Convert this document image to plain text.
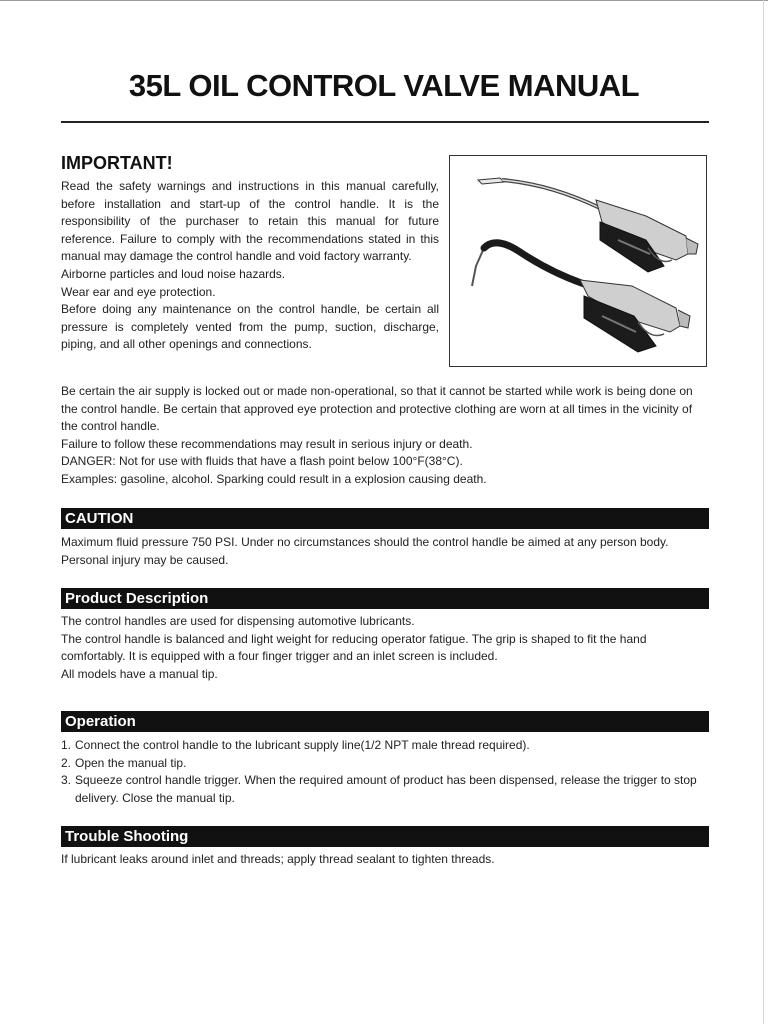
35L OIL CONTROL VALVE MANUAL
IMPORTANT!

Read the safety warnings and instructions in this manual carefully, before installation and start-up of the control handle. It is the responsibility of the purchaser to retain this manual for future reference. Failure to comply with the recommendations stated in this manual may damage the control handle and void factory warranty.

Airborne particles and loud noise hazards.

Wear ear and eye protection.

Before doing any maintenance on the control handle, be certain all pressure is completely vented from the pump, suction, discharge, piping, and all other openings and connections.

Be certain the air supply is locked out or made non-operational, so that it cannot be started while work is being done on the control handle. Be certain that approved eye protection and protective clothing are worn at all times in the vicinity of the control handle.

Failure to follow these recommendations may result in serious injury or death.

DANGER: Not for use with fluids that have a flash point below 100°F(38°C).

Examples: gasoline, alcohol. Sparking could result in a explosion causing death.

CAUTION

Maximum fluid pressure 750 PSI. Under no circumstances should the control handle be aimed at any person body. Personal injury may be caused.

Product Description

The control handles are used for dispensing automotive lubricants.

The control handle is balanced and light weight for reducing operator fatigue. The grip is shaped to fit the hand comfortably. It is equipped with a four finger trigger and an inlet screen is included.

All models have a manual tip.

Operation
1. Connect the control handle to the lubricant supply line(1/2 NPT male thread required).
2. Open the manual tip.
3. Squeeze control handle trigger. When the required amount of product has been dispensed, release the trigger to stop delivery. Close the manual tip.
Trouble Shooting

If lubricant leaks around inlet and threads; apply thread sealant to tighten threads.
